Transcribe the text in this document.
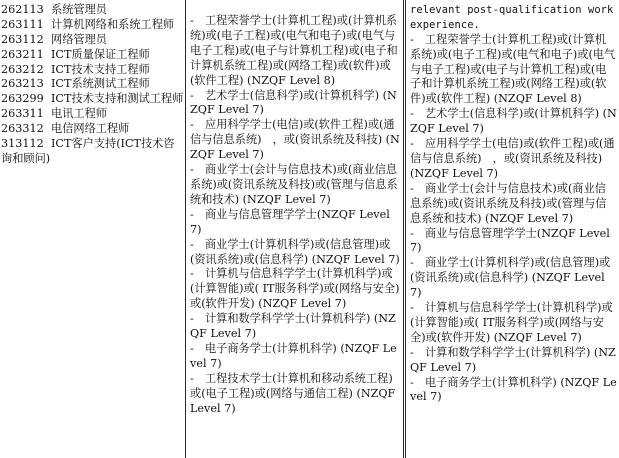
262113 系统管理员
263111 计算机网络和系统工程师
263112 网络管理员
263211 ICT质量保证工程师
263212 ICT技术支持工程师
263213 ICT系统测试工程师
263299 ICT技术支持和测试工程师
263311 电讯工程师
263312 电信网络工程师
313112 ICT客户支持(ICT技术咨询和顾问)

-　工程荣誉学士(计算机工程)或(计算机系统)或(电子工程)或(电气和电子)或(电气与电子工程)或(电子与计算机工程)或(电子和计算机系统工程)或(网络工程)或(软件)或(软件工程) (NZQF Level 8)

-　艺术学士(信息科学)或(计算机科学) (NZQF Level 7)

-　应用科学学士(电信)或(软件工程)或(通信与信息系统)　，或(资讯系统及科技) (NZQF Level 7)

-　商业学士(会计与信息技术)或(商业信息系统)或(资讯系统及科技)或(管理与信息系统和技术) (NZQF Level 7)

-　商业与信息管理学学士(NZQF Level 7)

-　商业学士(计算机科学)或(信息管理)或(资讯系统)或(信息科学) (NZQF Level 7)

-　计算机与信息科学学士(计算机科学)或(计算智能)或( IT服务科学)或(网络与安全)或(软件开发) (NZQF Level 7)

-　计算和数学科学学士(计算机科学) (NZQF Level 7)

-　电子商务学士(计算机科学) (NZQF Level 7)

-　工程技术学士(计算机和移动系统工程)或(电子工程)或(网络与通信工程) (NZQF Level 7)

relevant post-qualification work experience.

-　工程荣誉学士(计算机工程)或(计算机系统)或(电子工程)或(电气和电子)或(电气与电子工程)或(电子与计算机工程)或(电子和计算机系统工程)或(网络工程)或(软件)或(软件工程) (NZQF Level 8)

-　艺术学士(信息科学)或(计算机科学) (NZQF Level 7)

-　应用科学学士(电信)或(软件工程)或(通信与信息系统)　，或(资讯系统及科技) (NZQF Level 7)

-　商业学士(会计与信息技术)或(商业信息系统)或(资讯系统及科技)或(管理与信息系统和技术) (NZQF Level 7)

-　商业与信息管理学学士(NZQF Level 7)

-　商业学士(计算机科学)或(信息管理)或(资讯系统)或(信息科学) (NZQF Level 7)

-　计算机与信息科学学士(计算机科学)或(计算智能)或( IT服务科学)或(网络与安全)或(软件开发) (NZQF Level 7)

-　计算和数学科学学士(计算机科学) (NZQF Level 7)

-　电子商务学士(计算机科学) (NZQF Level 7)
